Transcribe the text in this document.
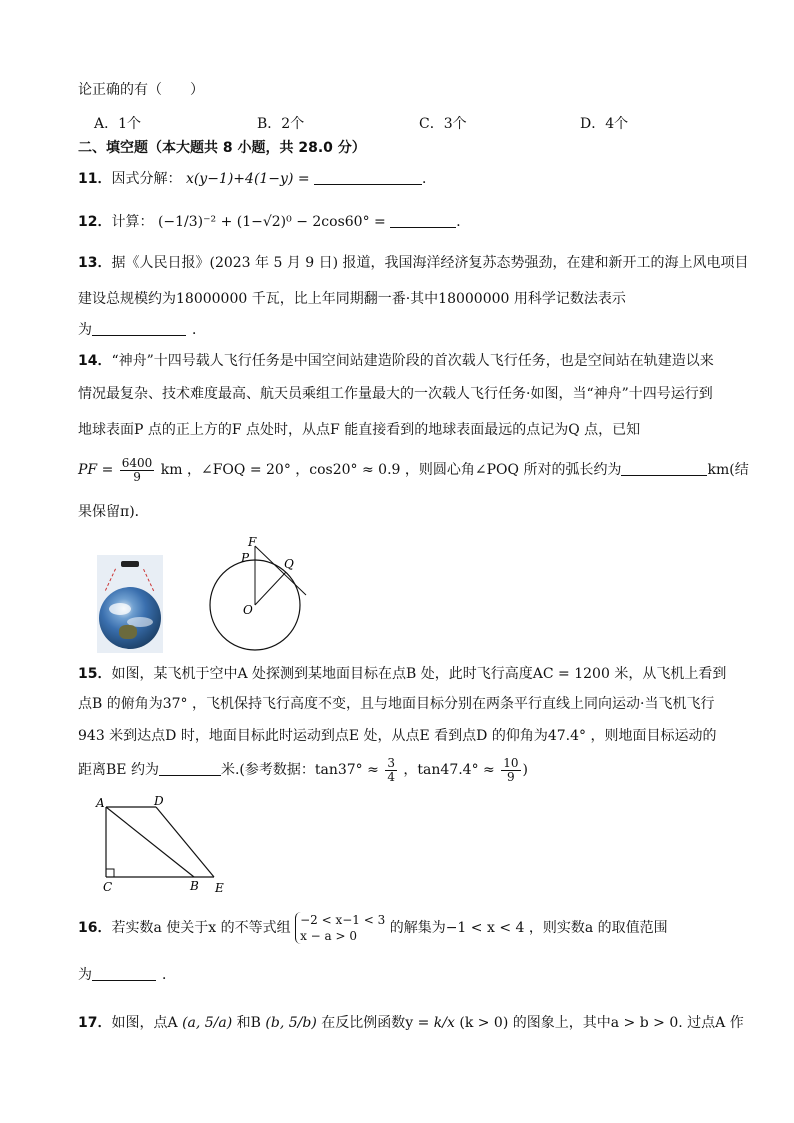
论正确的有（　　）
A．1个	B．2个	C．3个	D．4个
二、填空题（本大题共 8 小题，共 28.0 分）
11．因式分解： x(y−1)+4(1−y) =	．
12．计算： (−1/3)⁻² + (1−√2)⁰ − 2cos60° =	．
13．据《人民日报》(2023 年 5 月 9 日) 报道，我国海洋经济复苏态势强劲，在建和新开工的海上风电项目
建设总规模约为18000000 千瓦，比上年同期翻一番·其中18000000 用科学记数法表示
为	．
14．“神舟”十四号载人飞行任务是中国空间站建造阶段的首次载人飞行任务，也是空间站在轨建造以来
情况最复杂、技术难度最高、航天员乘组工作量最大的一次载人飞行任务·如图，当“神舟”十四号运行到
地球表面P 点的正上方的F 点处时，从点F 能直接看到的地球表面最远的点记为Q 点，已知
PF = $\frac{6400}{9}$ km ，∠FOQ = 20° ，cos20° ≈ 0.9 ，则圆心角∠POQ 所对的弧长约为	km(结
果保留π)．
F
P	Q
O
15．如图，某飞机于空中A 处探测到某地面目标在点B 处，此时飞行高度AC = 1200 米，从飞机上看到
点B 的俯角为37° ，飞机保持飞行高度不变，且与地面目标分别在两条平行直线上同向运动·当飞机飞行
943 米到达点D 时，地面目标此时运动到点E 处，从点E 看到点D 的仰角为47.4° ，则地面目标运动的
距离BE 约为	米.(参考数据：$\tan 37^\circ \approx \frac{3}{4}$ ，$\tan 47.4^\circ \approx \frac{10}{9}$ )
A	D
C	B E
16．若实数a 使关于x 的不等式组 −2 < x−1 < 3
x − a > 0	的解集为−1 < x < 4 ，则实数a 的取值范围
为	．
17．如图，点A (a, 5/a) 和B (b, 5/b) 在反比例函数y = k/x (k > 0) 的图象上，其中a > b > 0. 过点A 作
